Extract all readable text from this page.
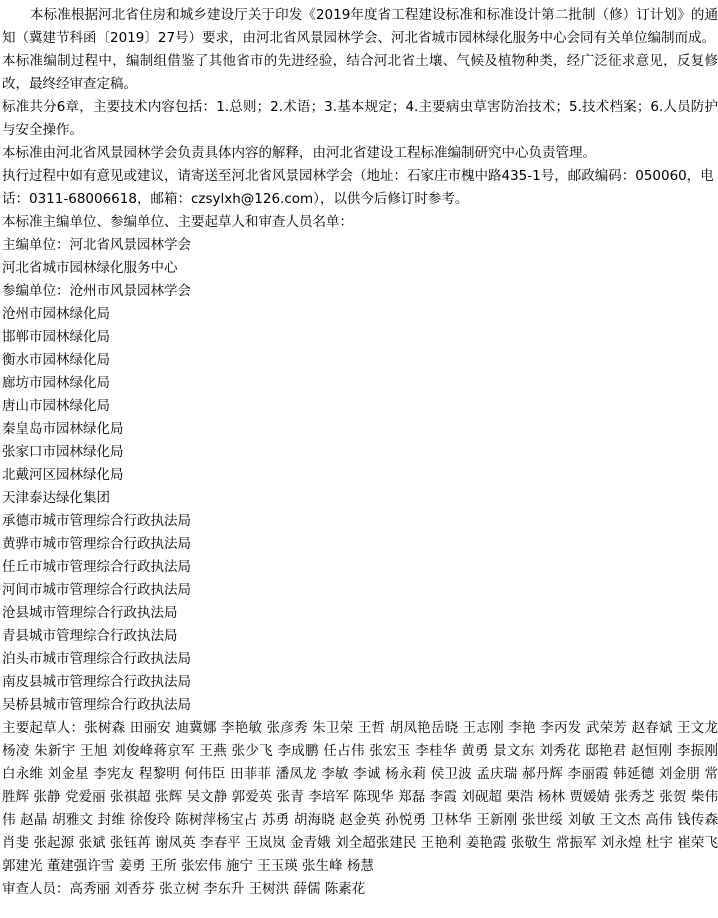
本标准根据河北省住房和城乡建设厅关于印发《2019年度省工程建设标准和标准设计第二批制（修）订计划》的通知（冀建节科函〔2019〕27号）要求，由河北省风景园林学会、河北省城市园林绿化服务中心会同有关单位编制而成。

本标准编制过程中，编制组借鉴了其他省市的先进经验，结合河北省土壤、气候及植物种类，经广泛征求意见，反复修改，最终经审查定稿。

标准共分6章，主要技术内容包括：1.总则；2.术语；3.基本规定；4.主要病虫草害防治技术；5.技术档案；6.人员防护与安全操作。

本标准由河北省风景园林学会负责具体内容的解释，由河北省建设工程标准编制研究中心负责管理。

执行过程中如有意见或建议，请寄送至河北省风景园林学会（地址：石家庄市槐中路435-1号，邮政编码：050060，电话：0311-68006618，邮箱：czsylxh@126.com），以供今后修订时参考。

本标准主编单位、参编单位、主要起草人和审查人员名单：

主编单位：河北省风景园林学会

河北省城市园林绿化服务中心

参编单位：沧州市风景园林学会

沧州市园林绿化局

邯郸市园林绿化局

衡水市园林绿化局

廊坊市园林绿化局

唐山市园林绿化局

秦皇岛市园林绿化局

张家口市园林绿化局

北戴河区园林绿化局

天津泰达绿化集团

承德市城市管理综合行政执法局

黄骅市城市管理综合行政执法局

任丘市城市管理综合行政执法局

河间市城市管理综合行政执法局

沧县城市管理综合行政执法局

青县城市管理综合行政执法局

泊头市城市管理综合行政执法局

南皮县城市管理综合行政执法局

吴桥县城市管理综合行政执法局

主要起草人：张树森 田丽安 迪冀娜 李艳敏 张彦秀 朱卫荣 王哲 胡凤艳岳晓 王志刚 李艳 李丙发 武荣芳 赵春斌 王文龙 杨凌 朱新宇 王旭 刘俊峰蒋京军 王燕 张少飞 李成鹏 任占伟 张宏玉 李桂华 黄勇 景文东 刘秀花 邸艳君 赵恒刚 李振刚 白永维 刘金星 李宪友 程黎明 何伟臣 田菲菲 潘凤龙 李敏 李诚 杨永莉 侯卫波 孟庆瑞 郝丹辉 李丽霞 韩延德 刘金朋 常胜辉 张静 党爱丽 张祺超 张辉 吴文静 郭爱英 张青 李培军 陈现华 郑磊 李霞 刘砚超 栗浩 杨林 贾媛婧 张秀芝 张贺 柴伟伟 赵晶 胡雅文 封维 徐俊玲 陈树萍杨宝占 苏勇 胡海晓 赵金英 孙悦勇 卫林华 王新刚 张世绥 刘敏 王文杰 高伟 钱传森 肖斐 张起源 张斌 张钰苒 谢凤英 李春平 王岚岚 金青娥 刘全超张建民 王艳利 姜艳霞 张敬生 常振军 刘永煌 杜宇 崔荣飞 郭建光 董建强许雪 姜勇 王所 张宏伟 施宁 王玉瑛 张生峰 杨慧

审查人员：高秀丽 刘香芬 张立树 李东升 王树洪 薛儒 陈素花
